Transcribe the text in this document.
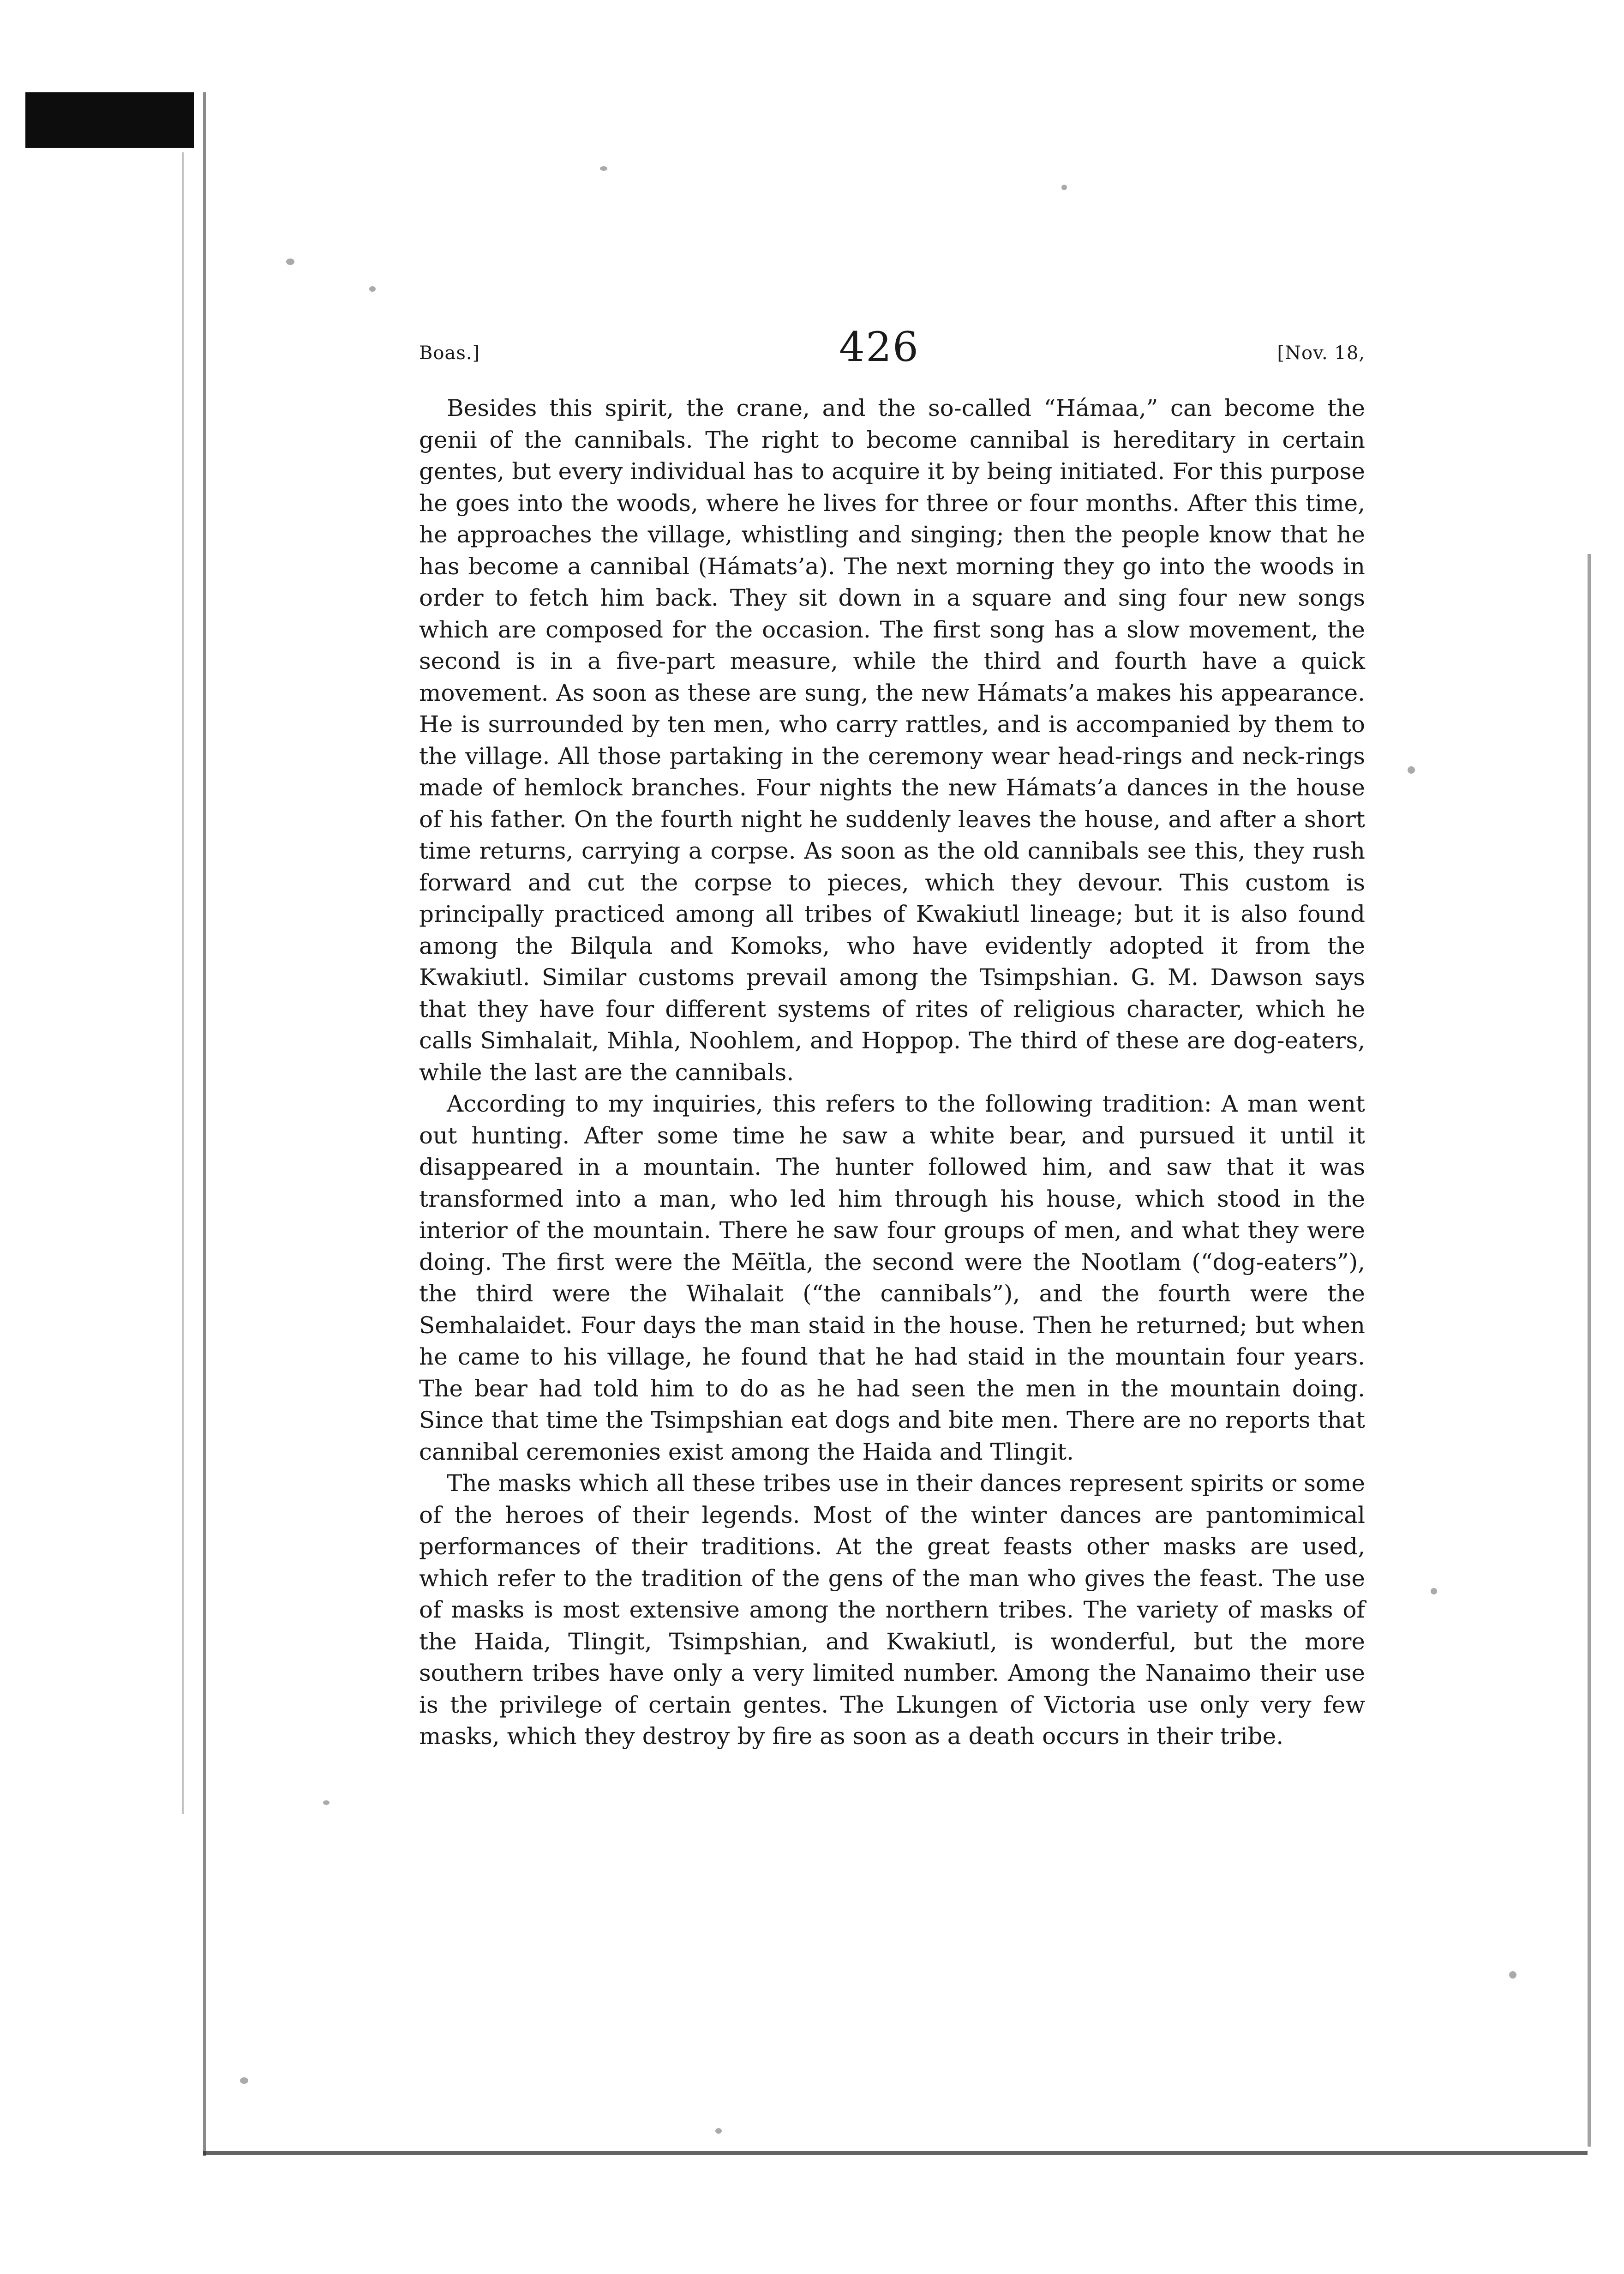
Boas.]	426	[Nov. 18,

Besides this spirit, the crane, and the so-called “Hámaa,” can become the genii of the cannibals. The right to become cannibal is hereditary in certain gentes, but every individual has to acquire it by being initiated. For this purpose he goes into the woods, where he lives for three or four months. After this time, he approaches the village, whistling and singing; then the people know that he has become a cannibal (Hámats’a). The next morning they go into the woods in order to fetch him back. They sit down in a square and sing four new songs which are composed for the occasion. The first song has a slow movement, the second is in a five-part measure, while the third and fourth have a quick movement. As soon as these are sung, the new Hámats’a makes his appearance. He is surrounded by ten men, who carry rattles, and is accompanied by them to the village. All those partaking in the ceremony wear head-rings and neck-rings made of hemlock branches. Four nights the new Hámats’a dances in the house of his father. On the fourth night he suddenly leaves the house, and after a short time returns, carrying a corpse. As soon as the old cannibals see this, they rush forward and cut the corpse to pieces, which they devour. This custom is principally practiced among all tribes of Kwakiutl lineage; but it is also found among the Bilqula and Komoks, who have evidently adopted it from the Kwakiutl. Similar customs prevail among the Tsimpshian. G. M. Dawson says that they have four different systems of rites of religious character, which he calls Simhalait, Mihla, Noohlem, and Hoppop. The third of these are dog-eaters, while the last are the cannibals.

According to my inquiries, this refers to the following tradition: A man went out hunting. After some time he saw a white bear, and pursued it until it disappeared in a mountain. The hunter followed him, and saw that it was transformed into a man, who led him through his house, which stood in the interior of the mountain. There he saw four groups of men, and what they were doing. The first were the Mēïtla, the second were the Nootlam (“dog-eaters”), the third were the Wihalait (“the cannibals”), and the fourth were the Semhalaidet. Four days the man staid in the house. Then he returned; but when he came to his village, he found that he had staid in the mountain four years. The bear had told him to do as he had seen the men in the mountain doing. Since that time the Tsimpshian eat dogs and bite men. There are no reports that cannibal ceremonies exist among the Haida and Tlingit.

The masks which all these tribes use in their dances represent spirits or some of the heroes of their legends. Most of the winter dances are pantomimical performances of their traditions. At the great feasts other masks are used, which refer to the tradition of the gens of the man who gives the feast. The use of masks is most extensive among the northern tribes. The variety of masks of the Haida, Tlingit, Tsimpshian, and Kwakiutl, is wonderful, but the more southern tribes have only a very limited number. Among the Nanaimo their use is the privilege of certain gentes. The Lkungen of Victoria use only very few masks, which they destroy by fire as soon as a death occurs in their tribe.
